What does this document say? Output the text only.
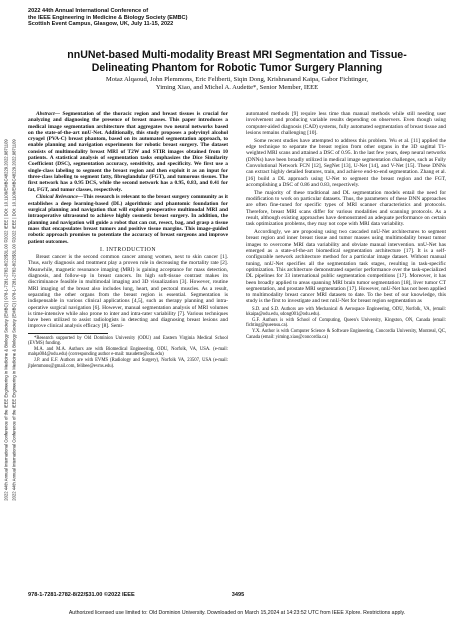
2022 44th Annual International Conference of the IEEE Engineering in Medicine & Biology Society (EMBC) | 978-1-7281-2782-8/22/$31.00 ©2022 IEEE | DOI: 10.1109/EMBC48229.2022.9871109 2022 44th Annual International Conference of the IEEE Engineering in Medicine & Biology Society (EMBC) | 978-1-7281-2782-8/22/$31.00 ©2022 IEEE | DOI: 10.1109/EMBC48229.2022.9871109
2022 44th Annual International Conference of
the IEEE Engineering in Medicine & Biology Society (EMBC)
Scottish Event Campus, Glasgow, UK, July 11-15, 2022
nnUNet-based Multi-modality Breast MRI Segmentation and Tissue-
Delineating Phantom for Robotic Tumor Surgery Planning
Motaz Alqaoud, John Plemmons, Eric Feliberti, Siqin Dong, Krishnanand Kaipa, Gabor Fichtinger,
Yiming Xiao, and Michel A. Audette*, Senior Member, IEEE

Abstract— Segmentation of the thoracic region and breast tissues is crucial for analyzing and diagnosing the presence of breast masses. This paper introduces a medical image segmentation architecture that aggregates two neural networks based on the state-of-the-art nnU-Net. Additionally, this study proposes a polyvinyl alcohol cryogel (PVA-C) breast phantom, based on its automated segmentation approach, to enable planning and navigation experiments for robotic breast surgery. The dataset consists of multimodality breast MRI of T2W and STIR images obtained from 10 patients. A statistical analysis of segmentation tasks emphasizes the Dice Similarity Coefficient (DSC), segmentation accuracy, sensitivity, and specificity. We first use a single-class labeling to segment the breast region and then exploit it as an input for three-class labeling to segment fatty, fibroglandular (FGT), and tumorous tissues. The first network has a 0.95 DCS, while the second network has a 0.95, 0.83, and 0.41 for fat, FGT, and tumor classes, respectively.

Clinical Relevance—This research is relevant to the breast surgery community as it establishes a deep learning-based (DL) algorithmic and phantomic foundation for surgical planning and navigation that will exploit preoperative multimodal MRI and intraoperative ultrasound to achieve highly cosmetic breast surgery. In addition, the planning and navigation will guide a robot that can cut, resect, bag, and grasp a tissue mass that encapsulates breast tumors and positive tissue margins. This image-guided robotic approach promises to potentiate the accuracy of breast surgeons and improve patient outcomes.

I. INTRODUCTION

Breast cancer is the second common cancer among women, next to skin cancer [1]. Thus, early diagnosis and treatment play a proven role in decreasing the mortality rate [2]. Meanwhile, magnetic resonance imaging (MRI) is gaining acceptance for mass detection, diagnosis, and follow-up in breast cancers. Its high soft-tissue contrast makes its discriminance feasible in multimodal imaging and 3D visualization [3]. However, routine MRI imaging of the breast also includes lung, heart, and pectoral muscles. As a result, separating the other organs from the breast region is essential. Segmentation is indispensable in various clinical applications [4,5], such as therapy planning and intra-operative surgical navigation [6]. However, manual segmentation analysis of MRI volumes is time-intensive while also prone to inter and intra-rater variability [7]. Various techniques have been utilized to assist radiologists in detecting and diagnosing breast lesions and improve clinical analysis efficacy [8]. Semi-

*Research supported by Old Dominion University (ODU) and Eastern Virginia Medical School (EVMS) funding.

M.A. and M.A. Authors are with Biomedical Engineering, ODU, Norfolk, VA, USA. (e-mail: malqa004@odu.edu) (corresponding author e-mail: maudette@odu.edu)

J.P. and E.F. Authors are with EVMS (Radiology and Surgery), Norfolk VA, 23507, USA (e-mail: jlplemmons@gmail.com, felibee@evms.edu).

automated methods [9] require less time than manual methods while still needing user involvement and producing variable results depending on observers. Even though using computer-aided diagnosis (CAD) systems, fully automated segmentation of breast tissue and lesions remains challenging [10].

Some recent studies have attempted to address this problem. Wu et al. [11] applied the edge technique to separate the breast region from other organs in the 3D sagittal T1-weighted MRI scans and attained a DSC of 0.95. In the last few years, deep neural networks (DNNs) have been broadly utilized in medical image segmentation challenges, such as Fully Convolutional Network FCN [12], SegNet [13], U-Net [14], and V-Net [15]. These DNNs can extract highly detailed features, train, and achieve end-to-end segmentation. Zhang et al. [16] build a DL approach using U-Net to segment the breast region and the FGT, accomplishing a DSC of 0.86 and 0.83, respectively.

The majority of these traditional and DL segmentation models entail the need for modification to work on particular datasets. Thus, the parameters of these DNN approaches are often fine-tuned for specific types of MRI scanner characteristics and protocols. Therefore, breast MRI scans differ for various modalities and scanning protocols. As a result, although existing approaches have demonstrated an adequate performance on certain task optimization problems, they may not cope with MRI data variability.

Accordingly, we are proposing using two cascaded nnU-Net architectures to segment breast region and inner breast tissue and tumor masses using multimodality breast tumor images to overcome MRI data variability and obviate manual intervention. nnU-Net has emerged as a state-of-the-art biomedical segmentation architecture [17]. It is a self-configurable network architecture method for a particular image dataset. Without manual tuning, nnU-Net specifies all the segmentation task stages, resulting in task-specific optimization. This architecture demonstrated superior performance over the task-specialized DL pipelines for 33 international public segmentation competitions [17]. Moreover, it has been broadly applied to areas spanning MRI brain tumor segmentation [18], liver tumor CT segmentation, and prostate MRI segmentation [17]. However, nnU-Net has not been applied to multimodality breast cancer MRI datasets to date. To the best of our knowledge, this study is the first to investigate and test nnU-Net for breast region segmentation as

S.D. and S.D. Authors are with Mechanical & Aerospace Engineering, ODU, Norfolk, VA, (email: kkaipa@odu.edu, sdong001@odu.edu).

G.F. Authors is with School of Computing, Queen's University, Kingston, ON, Canada (email: fichting@queensu.ca).

Y.X. Author is with Computer Science & Software Engineering, Concordia University, Montreal, QC, Canada (email: yiming.xiao@concordia.ca)

978-1-7281-2782-8/22/$31.00 ©2022 IEEE	3495
Authorized licensed use limited to: Old Dominion University. Downloaded on March 15,2024 at 14:23:52 UTC from IEEE Xplore. Restrictions apply.
